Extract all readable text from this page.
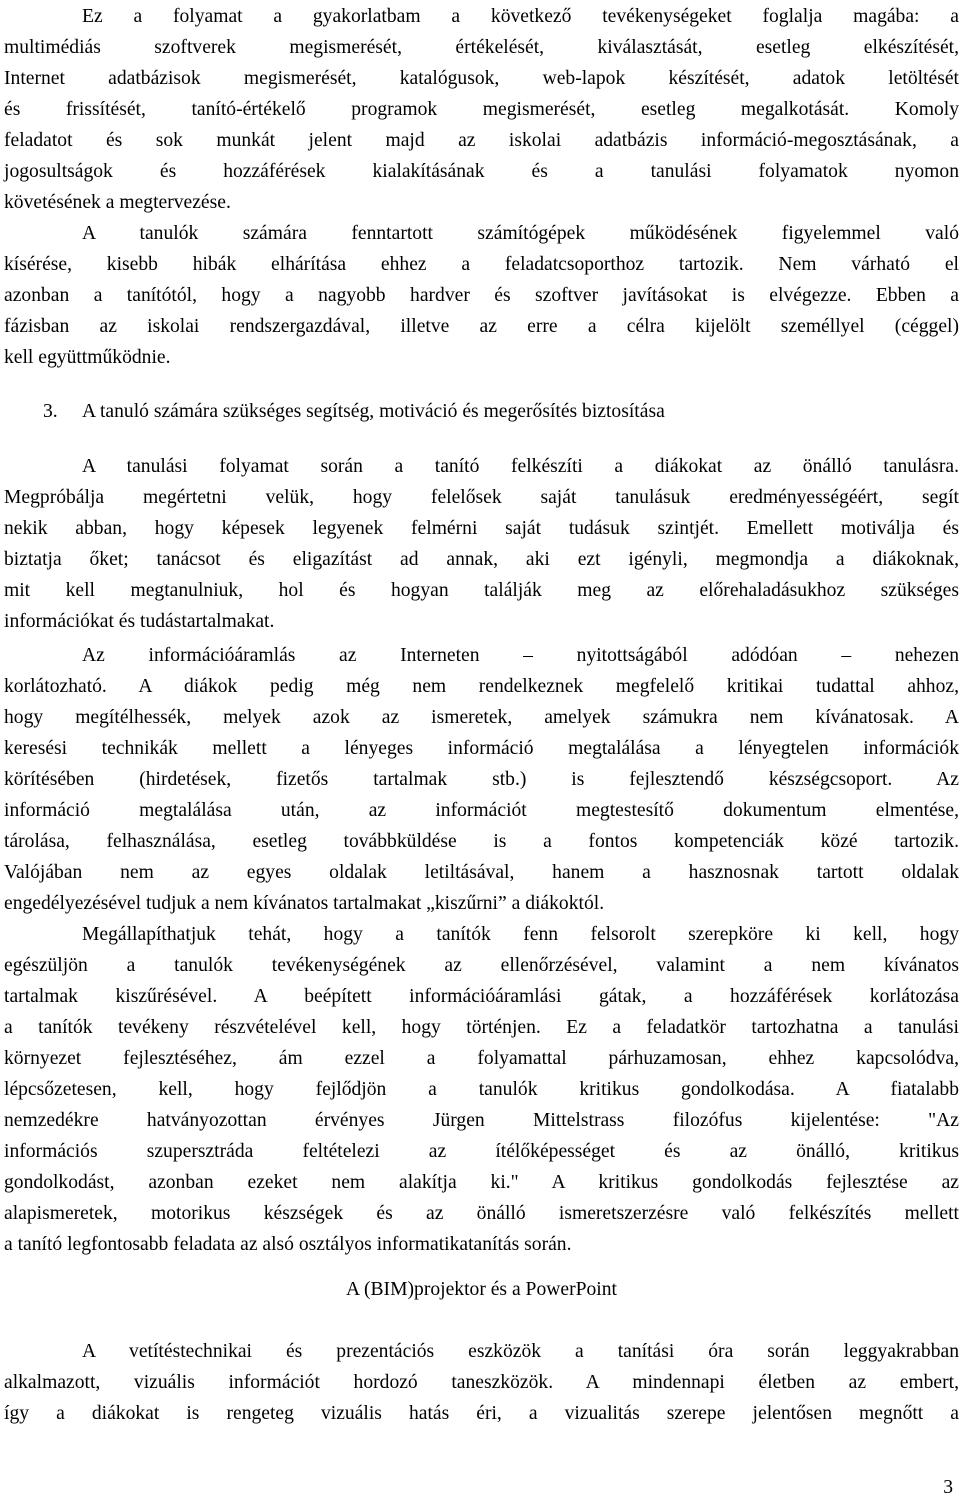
Ez a folyamat a gyakorlatbam a következő tevékenységeket foglalja magába: a
multimédiás szoftverek megismerését, értékelését, kiválasztását, esetleg elkészítését,
Internet adatbázisok megismerését, katalógusok, web-lapok készítését, adatok letöltését
és frissítését, tanító-értékelő programok megismerését, esetleg megalkotását. Komoly
feladatot és sok munkát jelent majd az iskolai adatbázis információ-megosztásának, a
jogosultságok és hozzáférések kialakításának és a tanulási folyamatok nyomon
követésének a megtervezése.
A tanulók számára fenntartott számítógépek működésének figyelemmel való
kísérése, kisebb hibák elhárítása ehhez a feladatcsoporthoz tartozik. Nem várható el
azonban a tanítótól, hogy a nagyobb hardver és szoftver javításokat is elvégezze. Ebben a
fázisban az iskolai rendszergazdával, illetve az erre a célra kijelölt személlyel (céggel)
kell együttműködnie.
3. A tanuló számára szükséges segítség, motiváció és megerősítés biztosítása
A tanulási folyamat során a tanító felkészíti a diákokat az önálló tanulásra.
Megpróbálja megértetni velük, hogy felelősek saját tanulásuk eredményességéért, segít
nekik abban, hogy képesek legyenek felmérni saját tudásuk szintjét. Emellett motiválja és
biztatja őket; tanácsot és eligazítást ad annak, aki ezt igényli, megmondja a diákoknak,
mit kell megtanulniuk, hol és hogyan találják meg az előrehaladásukhoz szükséges
információkat és tudástartalmakat.
Az információáramlás az Interneten – nyitottságából adódóan – nehezen
korlátozható. A diákok pedig még nem rendelkeznek megfelelő kritikai tudattal ahhoz,
hogy megítélhessék, melyek azok az ismeretek, amelyek számukra nem kívánatosak. A
keresési technikák mellett a lényeges információ megtalálása a lényegtelen információk
körítésében (hirdetések, fizetős tartalmak stb.) is fejlesztendő készségcsoport. Az
információ megtalálása után, az információt megtestesítő dokumentum elmentése,
tárolása, felhasználása, esetleg továbbküldése is a fontos kompetenciák közé tartozik.
Valójában nem az egyes oldalak letiltásával, hanem a hasznosnak tartott oldalak
engedélyezésével tudjuk a nem kívánatos tartalmakat „kiszűrni” a diákoktól.
Megállapíthatjuk tehát, hogy a tanítók fenn felsorolt szerepköre ki kell, hogy
egészüljön a tanulók tevékenységének az ellenőrzésével, valamint a nem kívánatos
tartalmak kiszűrésével. A beépített információáramlási gátak, a hozzáférések korlátozása
a tanítók tevékeny részvételével kell, hogy történjen. Ez a feladatkör tartozhatna a tanulási
környezet fejlesztéséhez, ám ezzel a folyamattal párhuzamosan, ehhez kapcsolódva,
lépcsőzetesen, kell, hogy fejlődjön a tanulók kritikus gondolkodása. A fiatalabb
nemzedékre hatványozottan érvényes Jürgen Mittelstrass filozófus kijelentése: "Az
információs szupersztráda feltételezi az ítélőképességet és az önálló, kritikus
gondolkodást, azonban ezeket nem alakítja ki." A kritikus gondolkodás fejlesztése az
alapismeretek, motorikus készségek és az önálló ismeretszerzésre való felkészítés mellett
a tanító legfontosabb feladata az alsó osztályos informatikatanítás során.
A (BIM)projektor és a PowerPoint
A vetítéstechnikai és prezentációs eszközök a tanítási óra során leggyakrabban
alkalmazott, vizuális információt hordozó taneszközök. A mindennapi életben az embert,
így a diákokat is rengeteg vizuális hatás éri, a vizualitás szerepe jelentősen megnőtt a
3
